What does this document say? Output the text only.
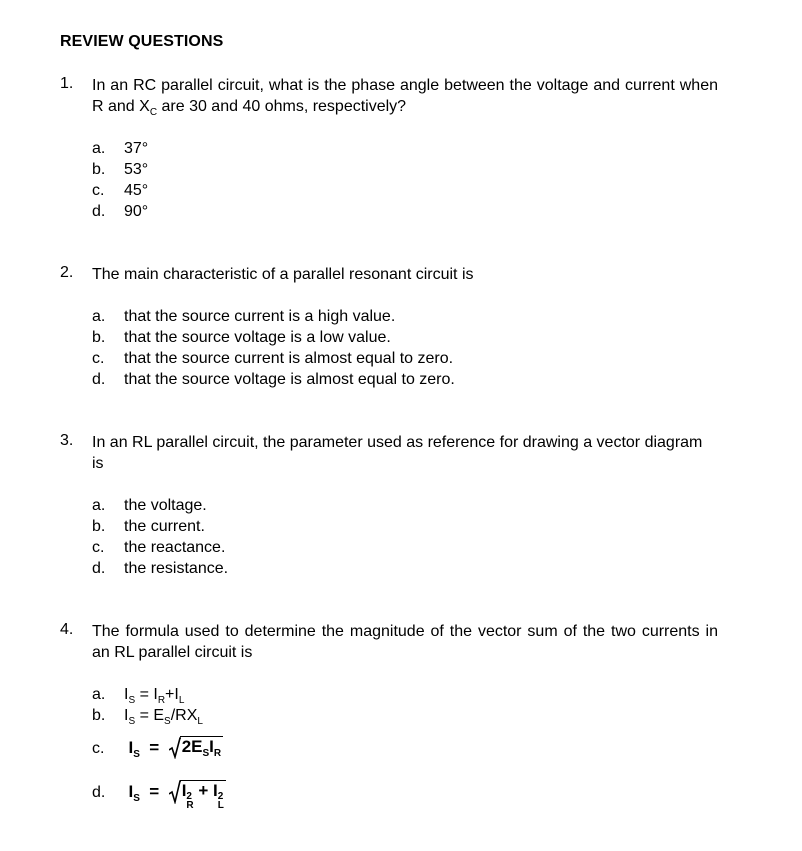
REVIEW QUESTIONS
1. In an RC parallel circuit, what is the phase angle between the voltage and current when R and $X_C$ are 30 and 40 ohms, respectively?
a. 37°
b. 53°
c. 45°
d. 90°
2. The main characteristic of a parallel resonant circuit is
a. that the source current is a high value.
b. that the source voltage is a low value.
c. that the source current is almost equal to zero.
d. that the source voltage is almost equal to zero.
3. In an RL parallel circuit, the parameter used as reference for drawing a vector diagram is
a. the voltage.
b. the current.
c. the reactance.
d. the resistance.
4. The formula used to determine the magnitude of the vector sum of the two currents in an RL parallel circuit is
a. $I_S = I_R+I_L$
b. $I_S = E_S/RX_L$
c. $I_S = 2E_SI_R$
d. $I_S = I$ 2
R
+ I 2
L
